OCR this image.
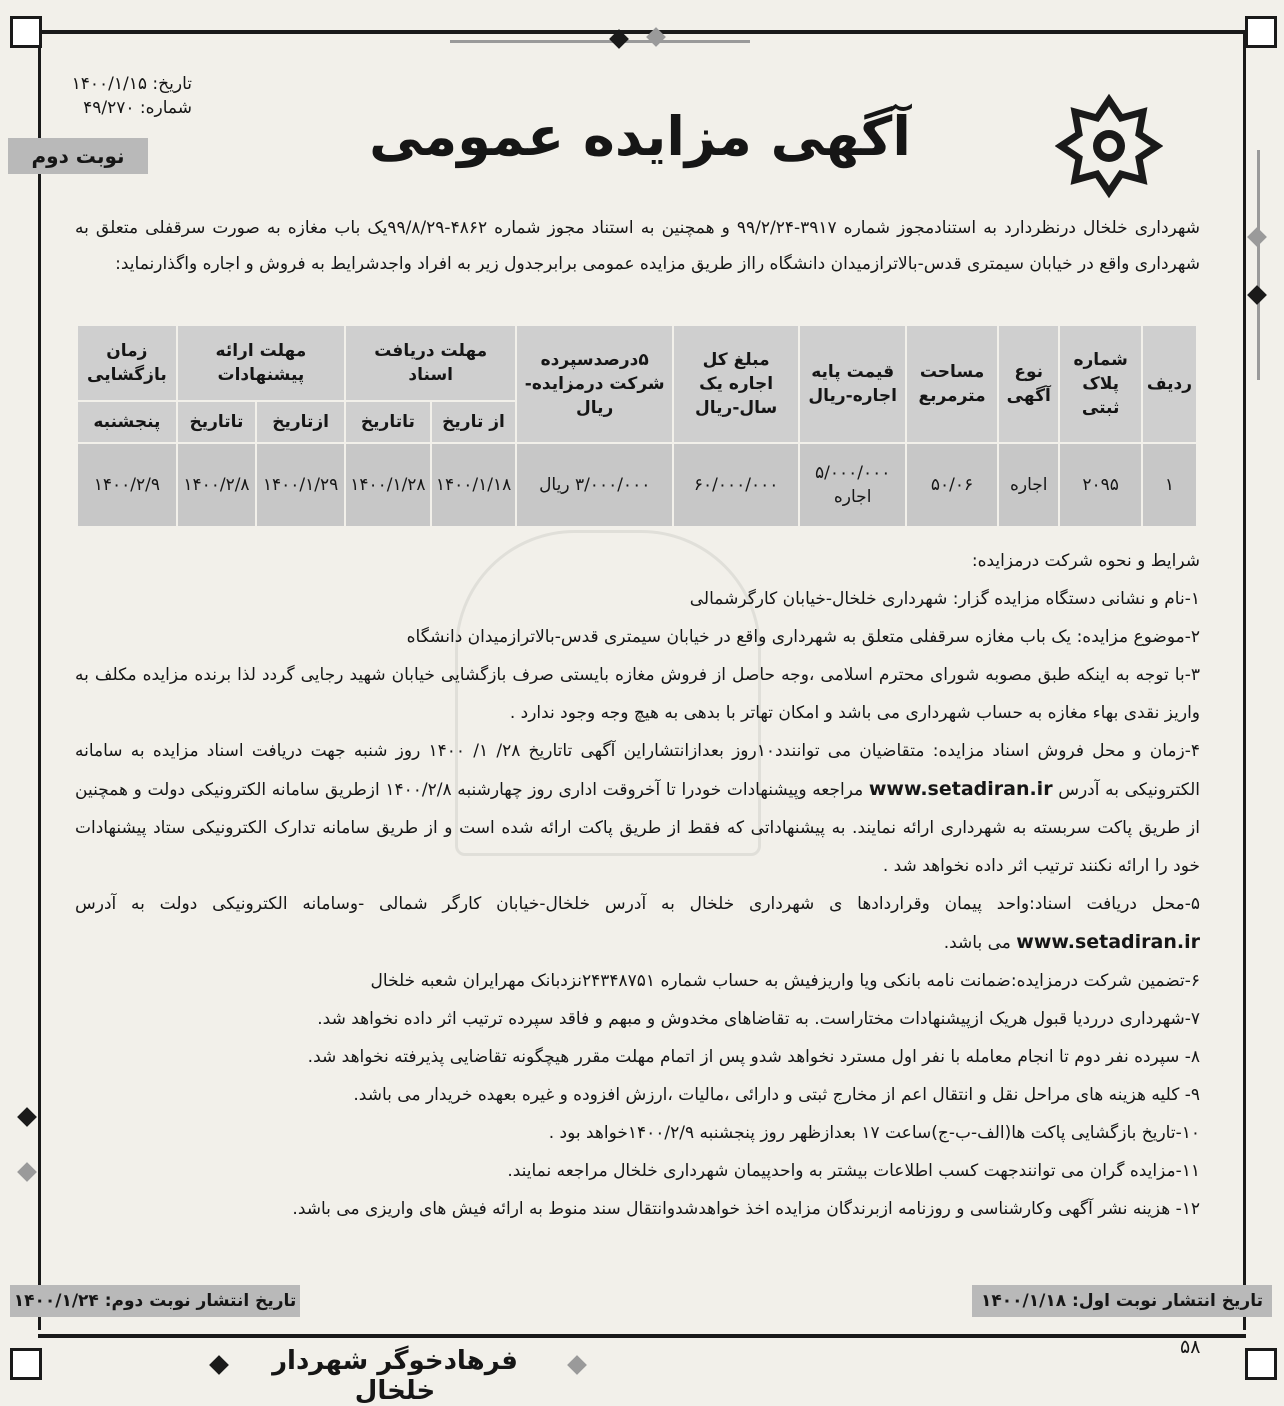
تاریخ: ۱۴۰۰/۱/۱۵
شماره: ۴۹/۲۷۰
نوبت دوم	آگهی مزایده عمومی
شهرداری خلخال درنظردارد به استنادمجوز شماره ۳۹۱۷-۹۹/۲/۲۴ و همچنین به استناد مجوز شماره ۴۸۶۲-۹۹/۸/۲۹یک باب مغازه به صورت سرقفلی متعلق به شهرداری واقع در خیابان سیمتری قدس-بالاترازمیدان دانشگاه رااز طریق مزایده عمومی برابرجدول زیر به افراد واجدشرایط به فروش و اجاره واگذارنماید:
ردیف	شماره پلاک ثبتی	نوع آگهی	مساحت مترمربع	قیمت پایه اجاره-ریال	مبلغ کل اجاره یک سال-ریال	۵درصدسپرده شرکت درمزایده-ریال	مهلت دریافت اسناد		مهلت ارائه پیشنهادات		زمان بازگشایی
							از تاریخ	تاتاریخ	ازتاریخ	تاتاریخ	پنجشنبه
۱	۲۰۹۵	اجاره	۵۰/۰۶	۵/۰۰۰/۰۰۰ اجاره	۶۰/۰۰۰/۰۰۰	۳/۰۰۰/۰۰۰ ریال	۱۴۰۰/۱/۱۸	۱۴۰۰/۱/۲۸	۱۴۰۰/۱/۲۹	۱۴۰۰/۲/۸	۱۴۰۰/۲/۹

شرایط و نحوه شرکت درمزایده:

۱-نام و نشانی دستگاه مزایده گزار: شهرداری خلخال-خیابان کارگرشمالی

۲-موضوع مزایده: یک باب مغازه سرقفلی متعلق به شهرداری واقع در خیابان سیمتری قدس-بالاترازمیدان دانشگاه

۳-با توجه به اینکه طبق مصوبه شورای محترم اسلامی ،وجه حاصل از فروش مغازه بایستی صرف بازگشایی خیابان شهید رجایی گردد لذا برنده مزایده مکلف به واریز نقدی بهاء مغازه به حساب شهرداری می باشد و امکان تهاتر با بدهی به هیچ وجه وجود ندارد .

۴-زمان و محل فروش اسناد مزایده: متقاضیان می توانندد۱۰روز بعدازانتشاراین آگهی تاتاریخ ۲۸/ ۱/ ۱۴۰۰ روز شنبه جهت دریافت اسناد مزایده به سامانه الکترونیکی به آدرس www.setadiran.ir مراجعه وپیشنهادات خودرا تا آخروقت اداری روز چهارشنبه ۱۴۰۰/۲/۸ ازطریق سامانه الکترونیکی دولت و همچنین از طریق پاکت سربسته به شهرداری ارائه نمایند. به پیشنهاداتی که فقط از طریق پاکت ارائه شده است و از طریق سامانه تدارک الکترونیکی ستاد پیشنهادات خود را ارائه نکنند ترتیب اثر داده نخواهد شد .

۵-محل دریافت اسناد:واحد پیمان وقراردادها ی شهرداری خلخال به آدرس خلخال-خیابان کارگر شمالی -وسامانه الکترونیکی دولت به آدرس www.setadiran.ir می باشد.

۶-تضمین شرکت درمزایده:ضمانت نامه بانکی ویا واریزفیش به حساب شماره ۲۴۳۴۸۷۵۱نزدبانک مهرایران شعبه خلخال

۷-شهرداری درردیا قبول هریک ازپیشنهادات مختاراست. به تقاضاهای مخدوش و مبهم و فاقد سپرده ترتیب اثر داده نخواهد شد.

۸- سپرده نفر دوم تا انجام معامله با نفر اول مسترد نخواهد شدو پس از اتمام مهلت مقرر هیچگونه تقاضایی پذیرفته نخواهد شد.

۹- کلیه هزینه های مراحل نقل و انتقال اعم از مخارج ثبتی و دارائی ،مالیات ،ارزش افزوده و غیره بعهده خریدار می باشد.

۱۰-تاریخ بازگشایی پاکت ها(الف-ب-ج)ساعت ۱۷ بعدازظهر روز پنجشنبه ۱۴۰۰/۲/۹خواهد بود .

۱۱-مزایده گران می توانندجهت کسب اطلاعات بیشتر به واحدپیمان شهرداری خلخال مراجعه نمایند.

۱۲- هزینه نشر آگهی وکارشناسی و روزنامه ازبرندگان مزایده اخذ خواهدشدوانتقال سند منوط به ارائه فیش های واریزی می باشد.

تاریخ انتشار نوبت اول: ۱۴۰۰/۱/۱۸
تاریخ انتشار نوبت دوم: ۱۴۰۰/۱/۲۴
۵۸
فرهادخوگر شهردار خلخال
